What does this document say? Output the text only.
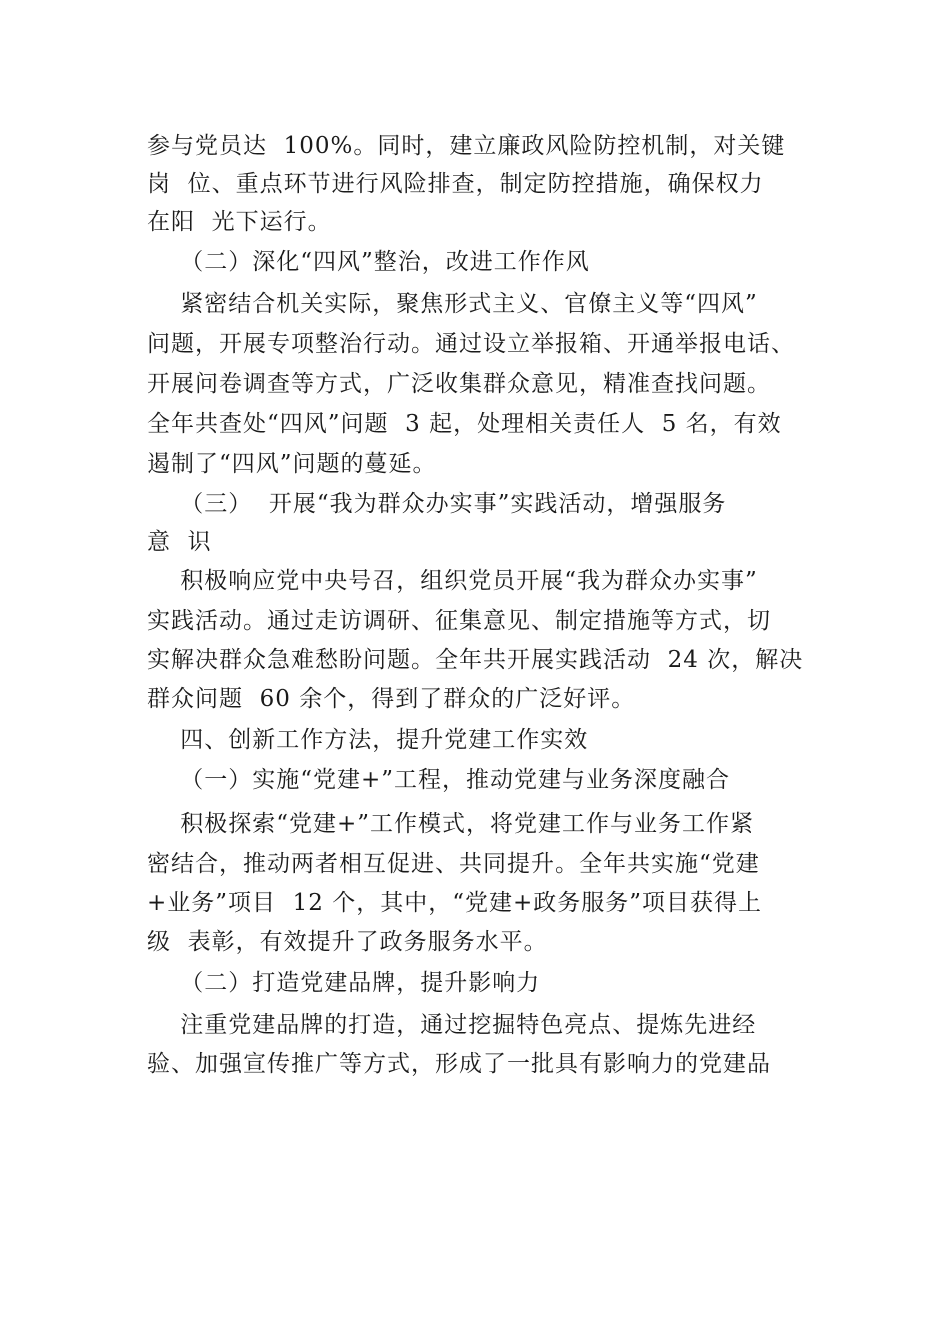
参与党员达  100%。同时，建立廉政风险防控机制，对关键
岗  位、重点环节进行风险排查，制定防控措施，确保权力
在阳  光下运行。
（二）深化“四风”整治，改进工作作风
紧密结合机关实际，聚焦形式主义、官僚主义等“四风”
问题，开展专项整治行动。通过设立举报箱、开通举报电话、
开展问卷调查等方式，广泛收集群众意见，精准查找问题。
全年共查处“四风”问题  3 起，处理相关责任人  5 名，有效
遏制了“四风”问题的蔓延。
（三）  开展“我为群众办实事”实践活动，增强服务
意  识
积极响应党中央号召，组织党员开展“我为群众办实事”
实践活动。通过走访调研、征集意见、制定措施等方式，切
实解决群众急难愁盼问题。全年共开展实践活动  24 次，解决
群众问题  60 余个，得到了群众的广泛好评。
四、创新工作方法，提升党建工作实效
（一）实施“党建+”工程，推动党建与业务深度融合
积极探索“党建+”工作模式，将党建工作与业务工作紧
密结合，推动两者相互促进、共同提升。全年共实施“党建
+业务”项目  12 个，其中，“党建+政务服务”项目获得上
级  表彰，有效提升了政务服务水平。
（二）打造党建品牌，提升影响力
注重党建品牌的打造，通过挖掘特色亮点、提炼先进经
验、加强宣传推广等方式，形成了一批具有影响力的党建品
